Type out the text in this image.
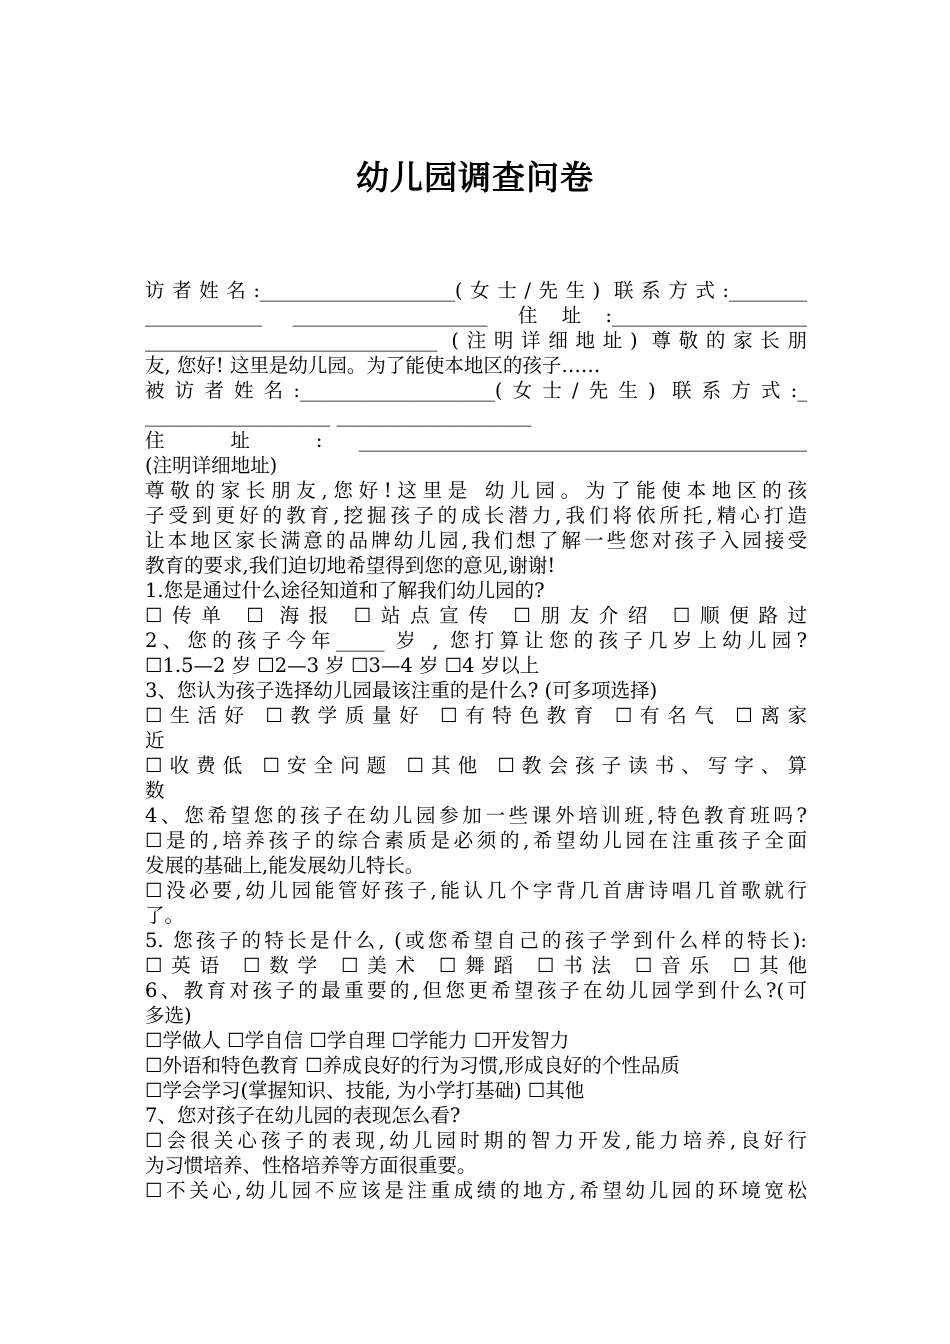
幼儿园调查问卷
访者姓名:____________________(女士/先生) 联系方式:________
____________ ____________________ 住址:____________________
______________________________ (注明详细地址) 尊敬的家长朋
友, 您好! 这里是幼儿园。为了能使本地区的孩子……
被访者姓名:____________________(女士/先生) 联系方式:_
___________________ ____________________
住 址 : ______________________________________________
(注明详细地址)
尊敬的家长朋友,您好!这里是 幼儿园。为了能使本地区的孩
子受到更好的教育,挖掘孩子的成长潜力,我们将依所托,精心打造
让本地区家长满意的品牌幼儿园,我们想了解一些您对孩子入园接受
教育的要求,我们迫切地希望得到您的意见,谢谢!
1.您是通过什么途径知道和了解我们幼儿园的?
☐传单 ☐ 海报 ☐站点宣传 ☐朋友介绍 ☐顺便路过
2、您的孩子今年_____ 岁 , 您打算让您的孩子几岁上幼儿园?
☐1.5—2 岁 ☐2—3 岁 ☐3—4 岁 ☐4 岁以上
3、您认为孩子选择幼儿园最该注重的是什么? (可多项选择)
☐生活好 ☐教学质量好 ☐有特色教育 ☐有名气 ☐离家
近
☐收费低 ☐安全问题 ☐其他 ☐教会孩子读书、写字、算
数
4、您希望您的孩子在幼儿园参加一些课外培训班,特色教育班吗?
☐是的,培养孩子的综合素质是必须的,希望幼儿园在注重孩子全面
发展的基础上,能发展幼儿特长。
☐没必要,幼儿园能管好孩子,能认几个字背几首唐诗唱几首歌就行
了。
5. 您孩子的特长是什么, (或您希望自己的孩子学到什么样的特长):
☐英语 ☐数学 ☐美术 ☐舞蹈 ☐书法 ☐音乐 ☐其他
6、教育对孩子的最重要的,但您更希望孩子在幼儿园学到什么?(可
多选)
☐学做人 ☐学自信 ☐学自理 ☐学能力 ☐开发智力
☐外语和特色教育 ☐养成良好的行为习惯,形成良好的个性品质
☐学会学习(掌握知识、技能, 为小学打基础) ☐其他
7、您对孩子在幼儿园的表现怎么看?
☐会很关心孩子的表现,幼儿园时期的智力开发,能力培养,良好行
为习惯培养、性格培养等方面很重要。
☐不关心,幼儿园不应该是注重成绩的地方,希望幼儿园的环境宽松
